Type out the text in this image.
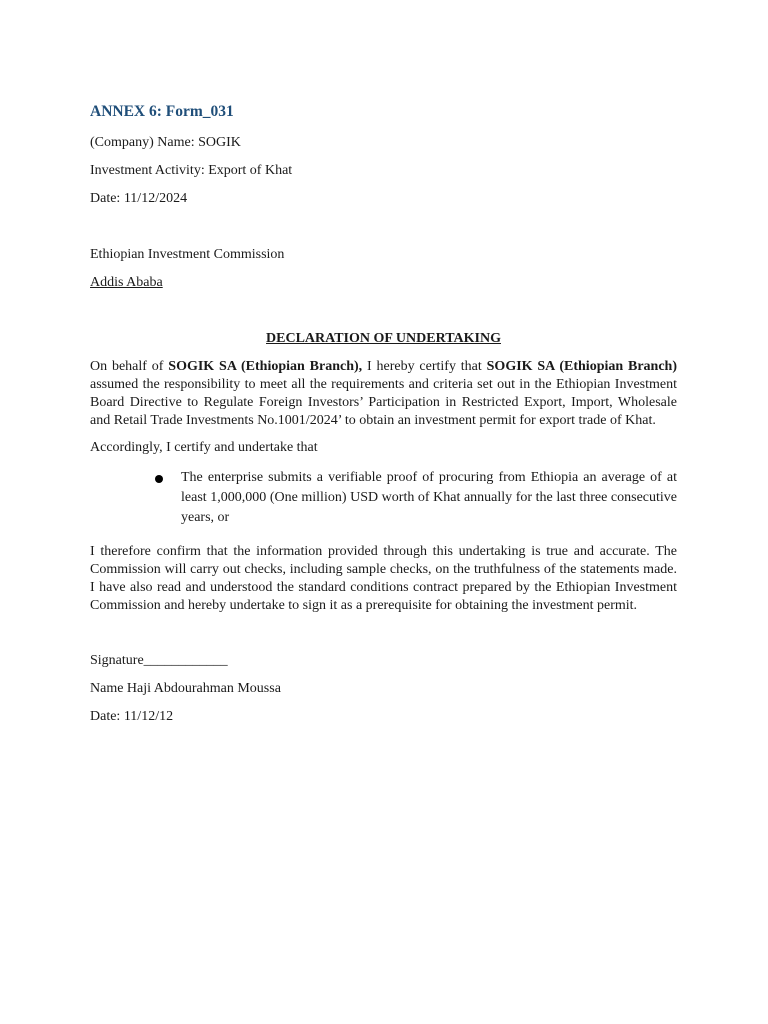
ANNEX 6: Form_031
(Company) Name: SOGIK
Investment Activity: Export of Khat
Date: 11/12/2024
Ethiopian Investment Commission
Addis Ababa
DECLARATION OF UNDERTAKING
On behalf of SOGIK SA (Ethiopian Branch), I hereby certify that SOGIK SA (Ethiopian Branch) assumed the responsibility to meet all the requirements and criteria set out in the Ethiopian Investment Board Directive to Regulate Foreign Investors’ Participation in Restricted Export, Import, Wholesale and Retail Trade Investments No.1001/2024’ to obtain an investment permit for export trade of Khat.
Accordingly, I certify and undertake that
The enterprise submits a verifiable proof of procuring from Ethiopia an average of at least 1,000,000 (One million) USD worth of Khat annually for the last three consecutive years, or
I therefore confirm that the information provided through this undertaking is true and accurate. The Commission will carry out checks, including sample checks, on the truthfulness of the statements made. I have also read and understood the standard conditions contract prepared by the Ethiopian Investment Commission and hereby undertake to sign it as a prerequisite for obtaining the investment permit.
Signature____________
Name Haji Abdourahman Moussa
Date: 11/12/12
